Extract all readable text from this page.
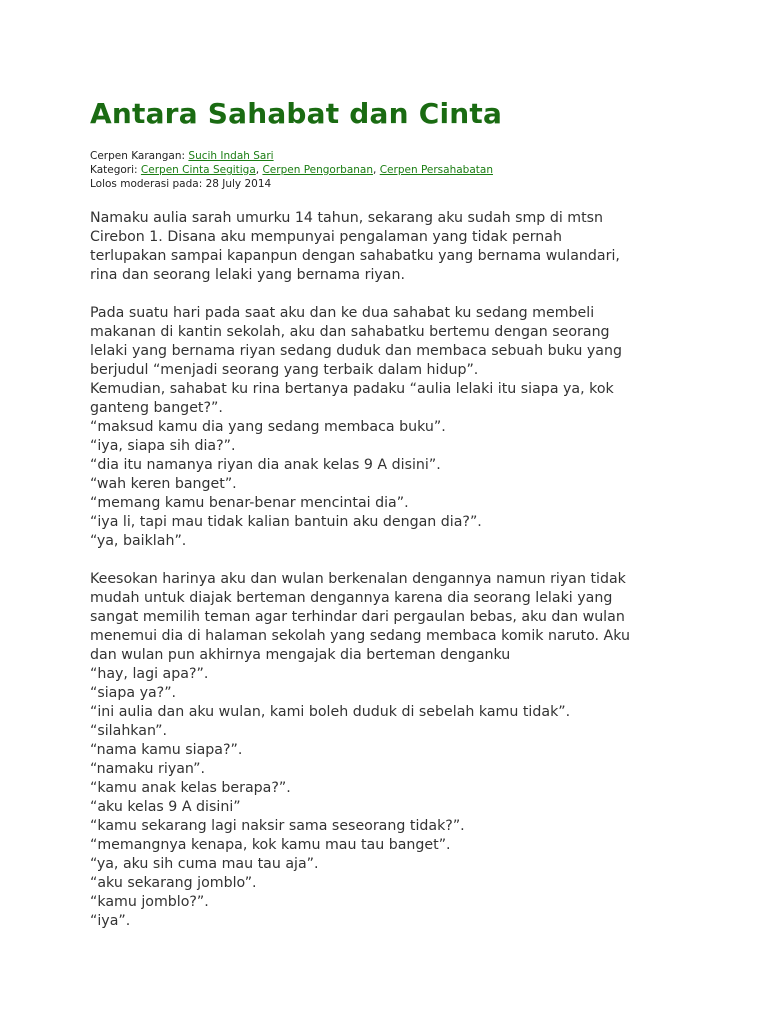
Antara Sahabat dan Cinta
Cerpen Karangan: Sucih Indah Sari
Kategori: Cerpen Cinta Segitiga, Cerpen Pengorbanan, Cerpen Persahabatan
Lolos moderasi pada: 28 July 2014

Namaku aulia sarah umurku 14 tahun, sekarang aku sudah smp di mtsn
Cirebon 1. Disana aku mempunyai pengalaman yang tidak pernah
terlupakan sampai kapanpun dengan sahabatku yang bernama wulandari,
rina dan seorang lelaki yang bernama riyan.

Pada suatu hari pada saat aku dan ke dua sahabat ku sedang membeli
makanan di kantin sekolah, aku dan sahabatku bertemu dengan seorang
lelaki yang bernama riyan sedang duduk dan membaca sebuah buku yang
berjudul “menjadi seorang yang terbaik dalam hidup”.
Kemudian, sahabat ku rina bertanya padaku “aulia lelaki itu siapa ya, kok
ganteng banget?”.
“maksud kamu dia yang sedang membaca buku”.
“iya, siapa sih dia?”.
“dia itu namanya riyan dia anak kelas 9 A disini”.
“wah keren banget”.
“memang kamu benar-benar mencintai dia”.
“iya li, tapi mau tidak kalian bantuin aku dengan dia?”.
“ya, baiklah”.

Keesokan harinya aku dan wulan berkenalan dengannya namun riyan tidak
mudah untuk diajak berteman dengannya karena dia seorang lelaki yang
sangat memilih teman agar terhindar dari pergaulan bebas, aku dan wulan
menemui dia di halaman sekolah yang sedang membaca komik naruto. Aku
dan wulan pun akhirnya mengajak dia berteman denganku
“hay, lagi apa?”.
“siapa ya?”.
“ini aulia dan aku wulan, kami boleh duduk di sebelah kamu tidak”.
“silahkan”.
“nama kamu siapa?”.
“namaku riyan”.
“kamu anak kelas berapa?”.
“aku kelas 9 A disini”
“kamu sekarang lagi naksir sama seseorang tidak?”.
“memangnya kenapa, kok kamu mau tau banget”.
“ya, aku sih cuma mau tau aja”.
“aku sekarang jomblo”.
“kamu jomblo?”.
“iya”.
